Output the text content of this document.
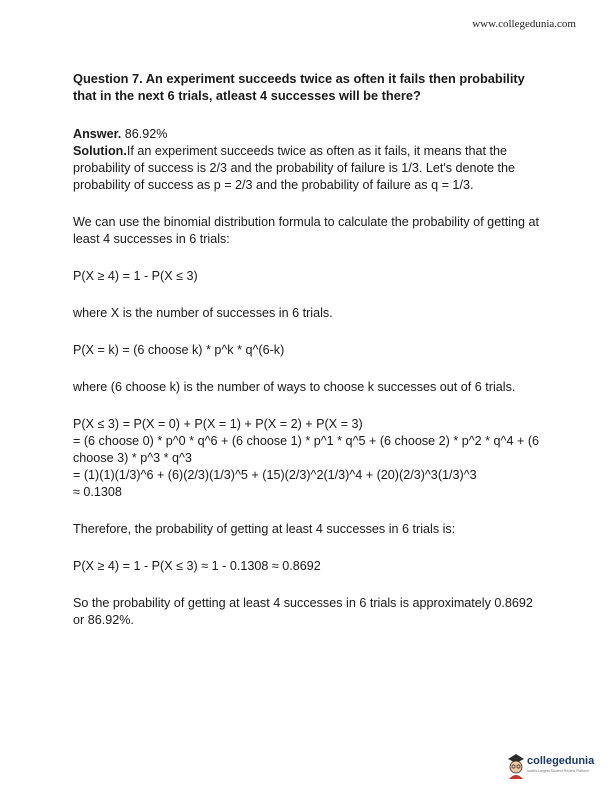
www.collegedunia.com

Question 7. An experiment succeeds twice as often it fails then probability that in the next 6 trials, atleast 4 successes will be there?

Answer. 86.92%

Solution.If an experiment succeeds twice as often as it fails, it means that the probability of success is 2/3 and the probability of failure is 1/3. Let's denote the probability of success as p = 2/3 and the probability of failure as q = 1/3.

We can use the binomial distribution formula to calculate the probability of getting at least 4 successes in 6 trials:

P(X ≥ 4) = 1 - P(X ≤ 3)

where X is the number of successes in 6 trials.

P(X = k) = (6 choose k) * p^k * q^(6-k)

where (6 choose k) is the number of ways to choose k successes out of 6 trials.

P(X ≤ 3) = P(X = 0) + P(X = 1) + P(X = 2) + P(X = 3)

= (6 choose 0) * p^0 * q^6 + (6 choose 1) * p^1 * q^5 + (6 choose 2) * p^2 * q^4 + (6 choose 3) * p^3 * q^3

= (1)(1)(1/3)^6 + (6)(2/3)(1/3)^5 + (15)(2/3)^2(1/3)^4 + (20)(2/3)^3(1/3)^3

≈ 0.1308

Therefore, the probability of getting at least 4 successes in 6 trials is:

P(X ≥ 4) = 1 - P(X ≤ 3) ≈ 1 - 0.1308 ≈ 0.8692

So the probability of getting at least 4 successes in 6 trials is approximately 0.8692 or 86.92%.

collegedunia
India's Largest Student Review Platform
